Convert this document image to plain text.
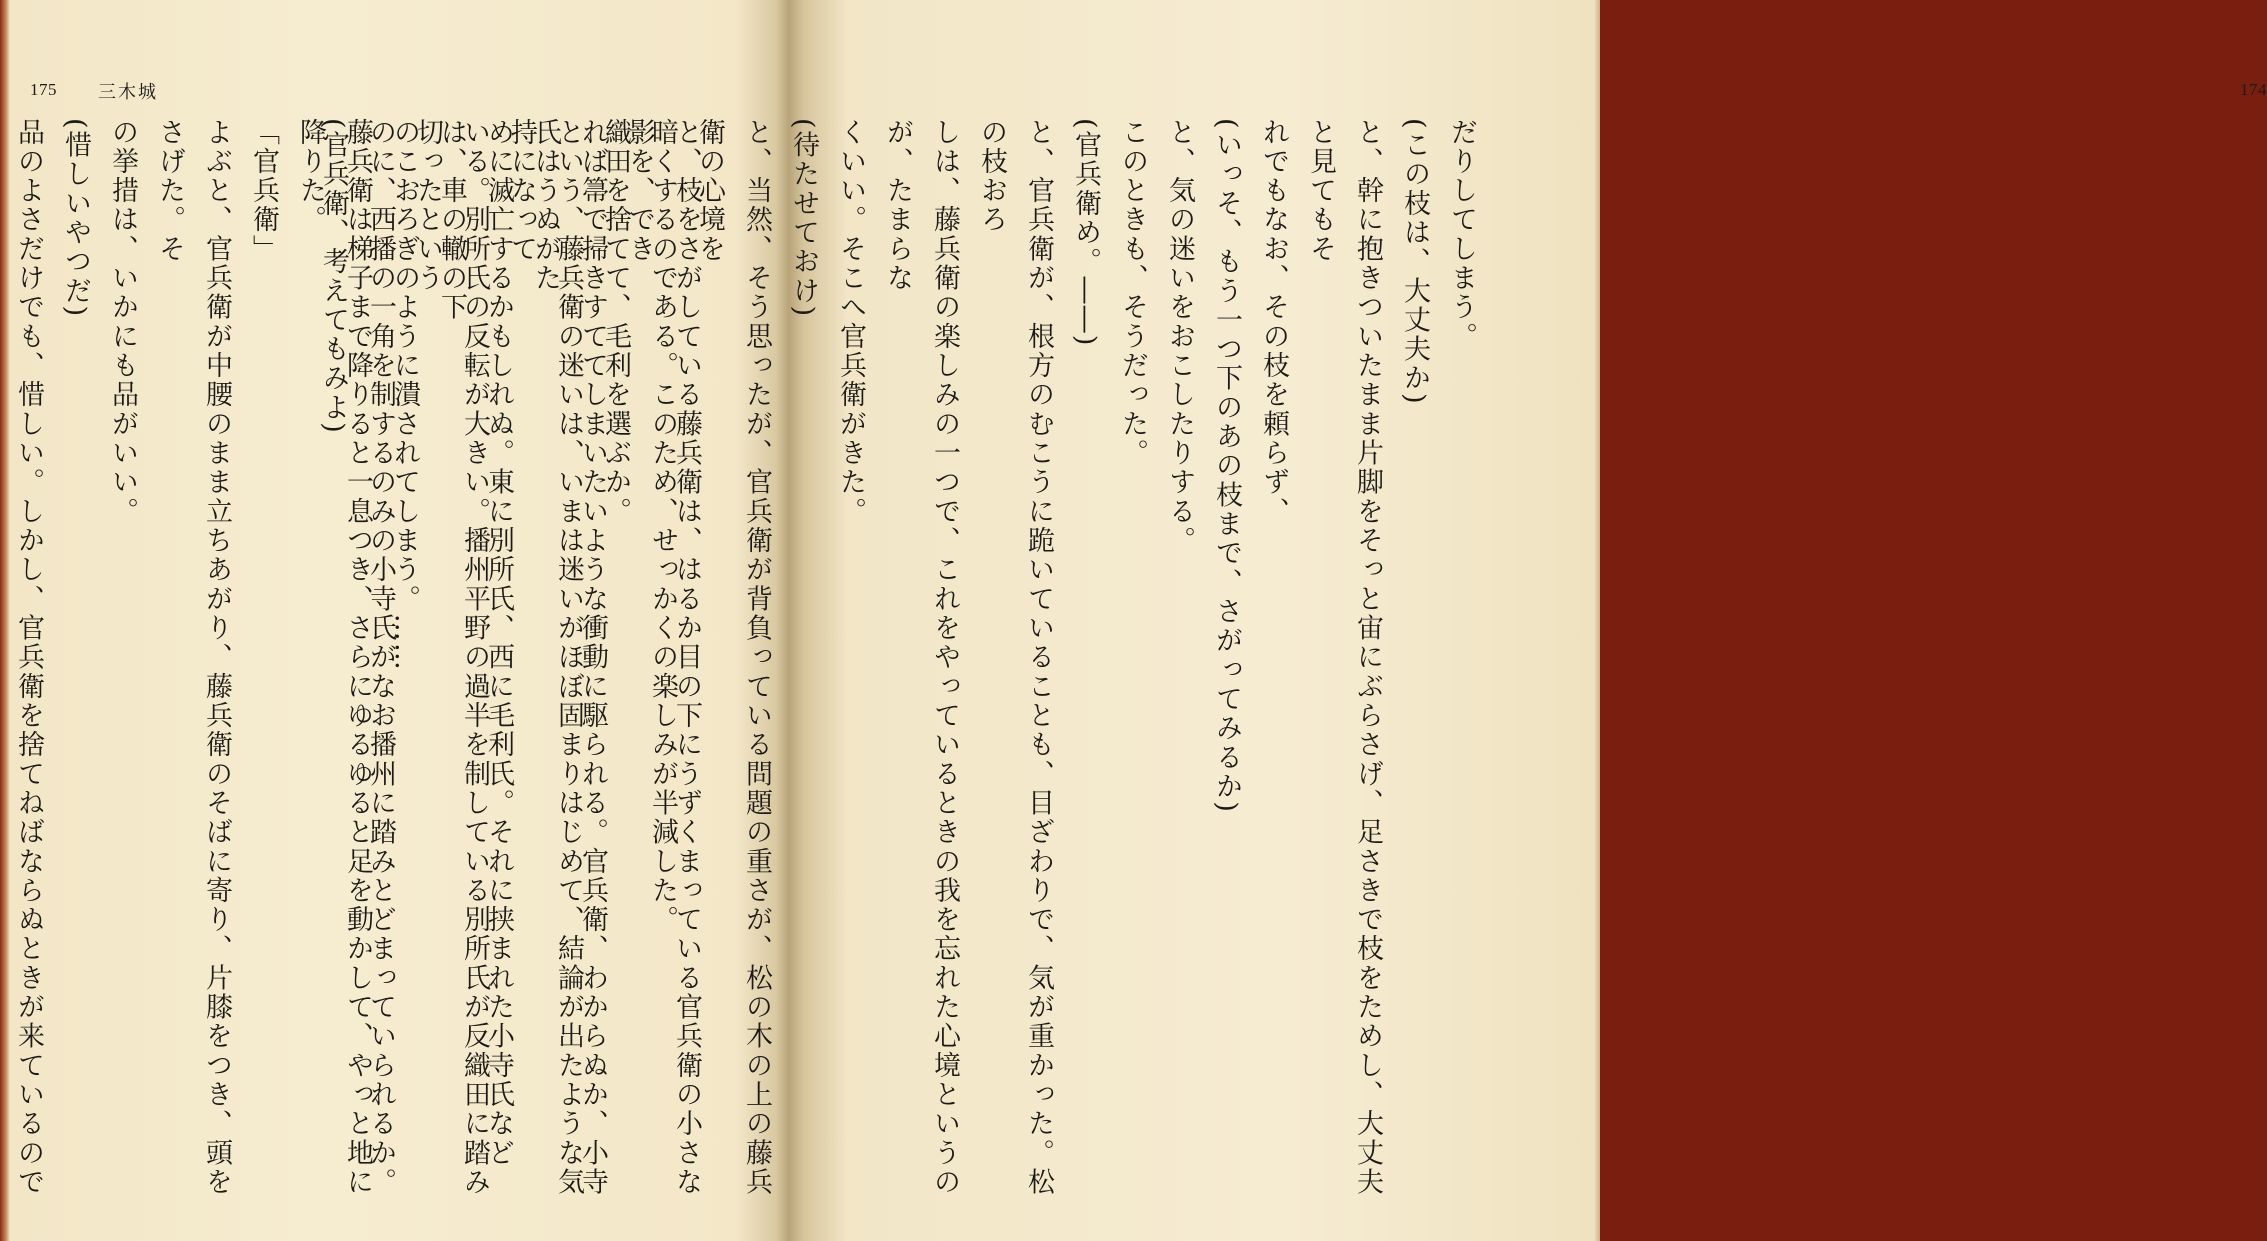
175 三木城

と、枝をさがしている藤兵衛は、はるか目の下にうずくまっている官兵衛の小さな影を、でき

れば箒で掃きすててしまいたいような衝動に駆られる。官兵衛、わからぬか、小寺氏はうぬがた

めに滅亡するかもしれぬ。東に別所氏、西に毛利氏。それに挟まれた小寺氏などは、車の轍の下

のこおろぎのように潰されてしまう。……

藤兵衛は梯子まで降りると一息つき、さらにゆるゆると足を動かして、やっと地に降りた。

「官兵衛」

よぶと、官兵衛が中腰のまま立ちあがり、藤兵衛のそばに寄り、片膝をつき、頭をさげた。そ

の挙措は、いかにも品がいい。

(惜しいやつだ)

品のよさだけでも、惜しい。しかし、官兵衛を捨てねばならぬときが来ているので

174

だりしてしまう。

(この枝は、大丈夫か)

と、幹に抱きついたまま片脚をそっと宙にぶらさげ、足さきで枝をためし、大丈夫と見てもそ

れでもなお、その枝を頼らず、

(いっそ、もう一つ下のあの枝まで、さがってみるか)

と、気の迷いをおこしたりする。

このときも、そうだった。

(官兵衛め。――)

と、官兵衛が、根方のむこうに跪いていることも、目ざわりで、気が重かった。松の枝おろ

しは、藤兵衛の楽しみの一つで、これをやっているときの我を忘れた心境というのが、たまらな

くいい。そこへ官兵衛がきた。

(待たせておけ)

と、当然、そう思ったが、官兵衛が背負っている問題の重さが、松の木の上の藤兵衛の心境を

暗くするのである。このため、せっかくの楽しみが半減した。

織田を捨てて、毛利を選ぶか。

という、藤兵衛の迷いは、いまは迷いがほぼ固まりはじめて、結論が出たような気持になって

いる。別所氏の反転が大きい。播州平野の過半を制している別所氏が反織田に踏み切ったという

のに、西播の一角を制するのみの小寺氏がなお播州に踏みとどまっていられるか。

(官兵衛、考えてもみよ)
